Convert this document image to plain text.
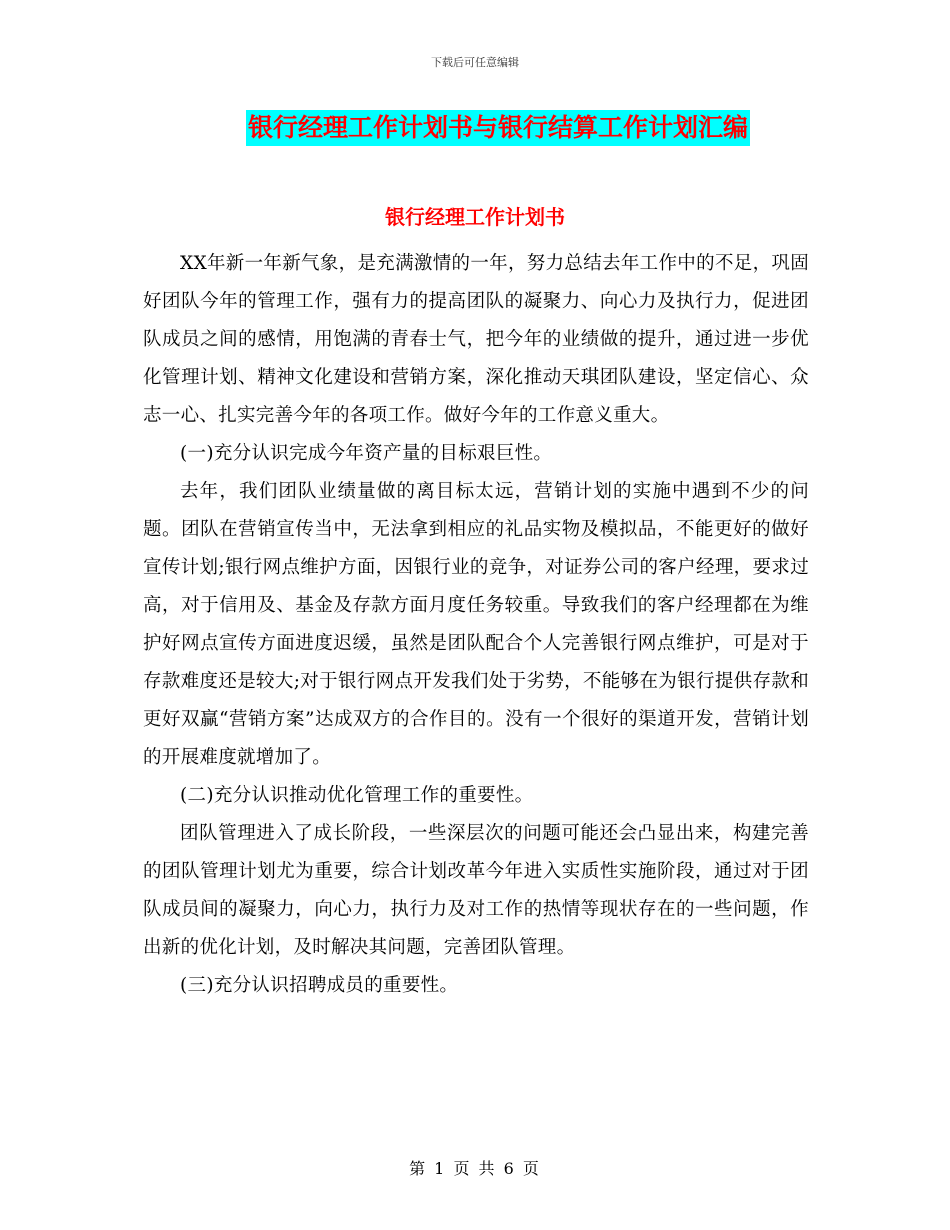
下载后可任意编辑
银行经理工作计划书与银行结算工作计划汇编
银行经理工作计划书

XX年新一年新气象，是充满激情的一年，努力总结去年工作中的不足，巩固好团队今年的管理工作，强有力的提高团队的凝聚力、向心力及执行力，促进团队成员之间的感情，用饱满的青春士气，把今年的业绩做的提升，通过进一步优化管理计划、精神文化建设和营销方案，深化推动天琪团队建设，坚定信心、众志一心、扎实完善今年的各项工作。做好今年的工作意义重大。

(一)充分认识完成今年资产量的目标艰巨性。

去年，我们团队业绩量做的离目标太远，营销计划的实施中遇到不少的问题。团队在营销宣传当中，无法拿到相应的礼品实物及模拟品，不能更好的做好宣传计划;银行网点维护方面，因银行业的竞争，对证券公司的客户经理，要求过高，对于信用及、基金及存款方面月度任务较重。导致我们的客户经理都在为维护好网点宣传方面进度迟缓，虽然是团队配合个人完善银行网点维护，可是对于存款难度还是较大;对于银行网点开发我们处于劣势，不能够在为银行提供存款和更好双赢“营销方案”达成双方的合作目的。没有一个很好的渠道开发，营销计划的开展难度就增加了。

(二)充分认识推动优化管理工作的重要性。

团队管理进入了成长阶段，一些深层次的问题可能还会凸显出来，构建完善的团队管理计划尤为重要，综合计划改革今年进入实质性实施阶段，通过对于团队成员间的凝聚力，向心力，执行力及对工作的热情等现状存在的一些问题，作出新的优化计划，及时解决其问题，完善团队管理。

(三)充分认识招聘成员的重要性。

第 1 页 共 6 页
